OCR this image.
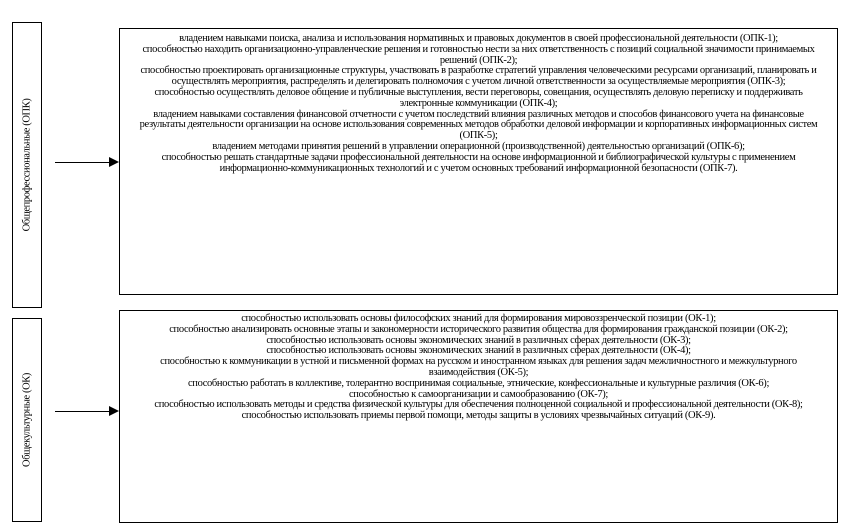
Общепрофессиональные (ОПК)
владением навыками поиска, анализа и использования нормативных и правовых документов в своей профессиональной деятельности (ОПК-1);
способностью находить организационно-управленческие решения и готовностью нести за них ответственность с позиций социальной значимости принимаемых решений (ОПК-2);
способностью проектировать организационные структуры, участвовать в разработке стратегий управления человеческими ресурсами организаций, планировать и осуществлять мероприятия, распределять и делегировать полномочия с учетом личной ответственности за осуществляемые мероприятия (ОПК-3);
способностью осуществлять деловое общение и публичные выступления, вести переговоры, совещания, осуществлять деловую переписку и поддерживать электронные коммуникации (ОПК-4);
владением навыками составления финансовой отчетности с учетом последствий влияния различных методов и способов финансового учета на финансовые результаты деятельности организации на основе использования современных методов обработки деловой информации и корпоративных информационных систем (ОПК-5);
владением методами принятия решений в управлении операционной (производственной) деятельностью организаций (ОПК-6);
способностью решать стандартные задачи профессиональной деятельности на основе информационной и библиографической культуры с применением информационно-коммуникационных технологий и с учетом основных требований информационной безопасности (ОПК-7).
Общекультурные (ОК)
способностью использовать основы философских знаний для формирования мировоззренческой позиции (ОК-1);
способностью анализировать основные этапы и закономерности исторического развития общества для формирования гражданской позиции (ОК-2);
способностью использовать основы экономических знаний в различных сферах деятельности (ОК-3);
способностью использовать основы экономических знаний в различных сферах деятельности (ОК-4);
способностью к коммуникации в устной и письменной формах на русском и иностранном языках для решения задач межличностного и межкультурного взаимодействия (ОК-5);
способностью работать в коллективе, толерантно воспринимая социальные, этнические, конфессиональные и культурные различия (ОК-6);
способностью к самоорганизации и самообразованию (ОК-7);
способностью использовать методы и средства физической культуры для обеспечения полноценной социальной и профессиональной деятельности (ОК-8);
способностью использовать приемы первой помощи, методы защиты в условиях чрезвычайных ситуаций (ОК-9).
